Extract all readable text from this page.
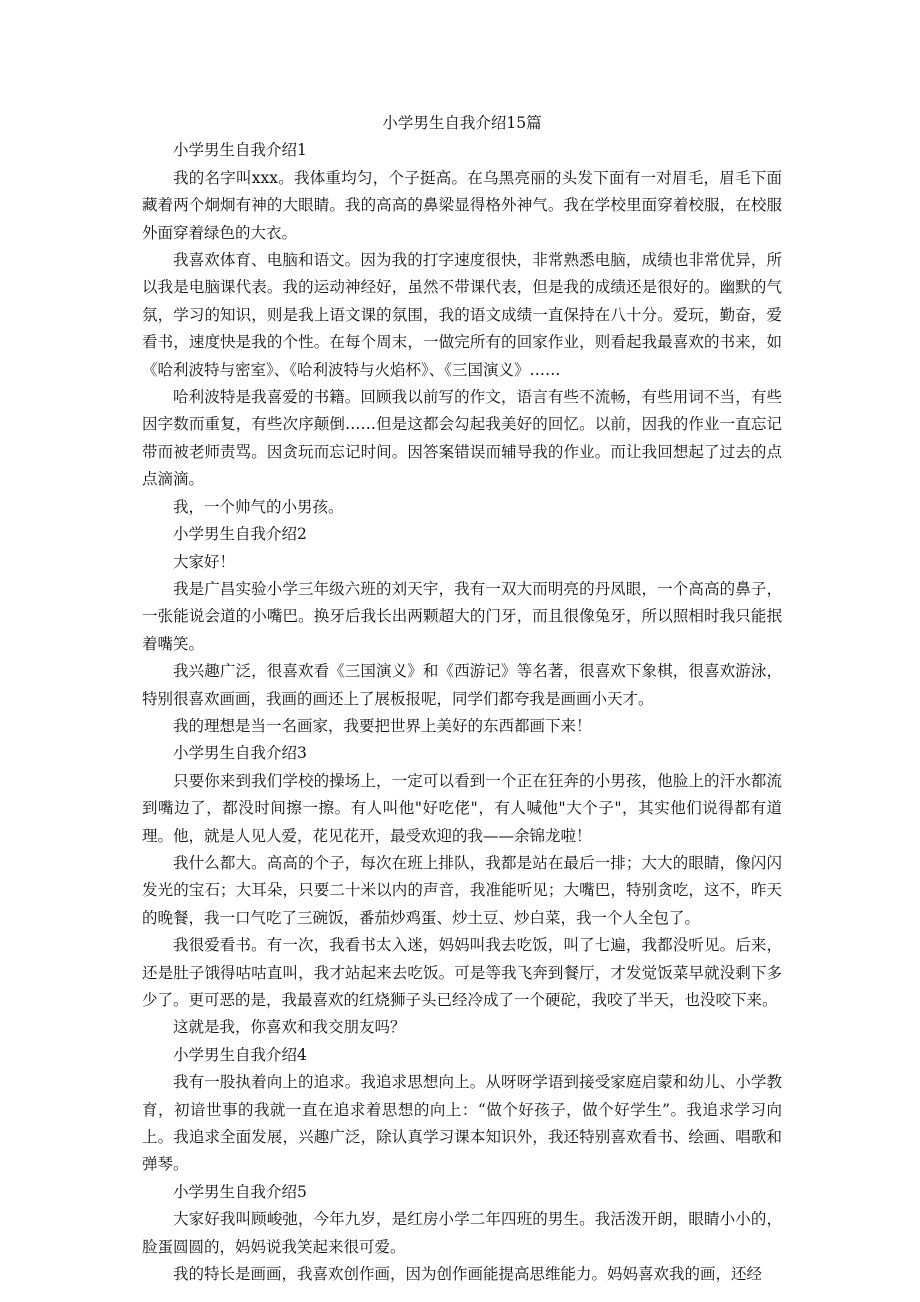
小学男生自我介绍15篇

小学男生自我介绍1

我的名字叫xxx。我体重均匀，个子挺高。在乌黑亮丽的头发下面有一对眉毛，眉毛下面藏着两个炯炯有神的大眼睛。我的高高的鼻梁显得格外神气。我在学校里面穿着校服，在校服外面穿着绿色的大衣。

我喜欢体育、电脑和语文。因为我的打字速度很快，非常熟悉电脑，成绩也非常优异，所以我是电脑课代表。我的运动神经好，虽然不带课代表，但是我的成绩还是很好的。幽默的气氛，学习的知识，则是我上语文课的氛围，我的语文成绩一直保持在八十分。爱玩，勤奋，爱看书，速度快是我的个性。在每个周末，一做完所有的回家作业，则看起我最喜欢的书来，如《哈利波特与密室》、《哈利波特与火焰杯》、《三国演义》……

哈利波特是我喜爱的书籍。回顾我以前写的作文，语言有些不流畅，有些用词不当，有些因字数而重复，有些次序颠倒……但是这都会勾起我美好的回忆。以前，因我的作业一直忘记带而被老师责骂。因贪玩而忘记时间。因答案错误而辅导我的作业。而让我回想起了过去的点点滴滴。

我，一个帅气的小男孩。

小学男生自我介绍2

大家好！

我是广昌实验小学三年级六班的刘天宇，我有一双大而明亮的丹凤眼，一个高高的鼻子，一张能说会道的小嘴巴。换牙后我长出两颗超大的门牙，而且很像兔牙，所以照相时我只能抿着嘴笑。

我兴趣广泛，很喜欢看《三国演义》和《西游记》等名著，很喜欢下象棋，很喜欢游泳，特别很喜欢画画，我画的画还上了展板报呢，同学们都夸我是画画小天才。

我的理想是当一名画家，我要把世界上美好的东西都画下来！

小学男生自我介绍3

只要你来到我们学校的操场上，一定可以看到一个正在狂奔的小男孩，他脸上的汗水都流到嘴边了，都没时间擦一擦。有人叫他"好吃佬"，有人喊他"大个子"，其实他们说得都有道理。他，就是人见人爱，花见花开，最受欢迎的我——余锦龙啦！

我什么都大。高高的个子，每次在班上排队，我都是站在最后一排；大大的眼睛，像闪闪发光的宝石；大耳朵，只要二十米以内的声音，我准能听见；大嘴巴，特别贪吃，这不，昨天的晚餐，我一口气吃了三碗饭，番茄炒鸡蛋、炒土豆、炒白菜，我一个人全包了。

我很爱看书。有一次，我看书太入迷，妈妈叫我去吃饭，叫了七遍，我都没听见。后来，还是肚子饿得咕咕直叫，我才站起来去吃饭。可是等我飞奔到餐厅，才发觉饭菜早就没剩下多少了。更可恶的是，我最喜欢的红烧狮子头已经冷成了一个硬砣，我咬了半天，也没咬下来。

这就是我，你喜欢和我交朋友吗？

小学男生自我介绍4

我有一股执着向上的追求。我追求思想向上。从呀呀学语到接受家庭启蒙和幼儿、小学教育，初谙世事的我就一直在追求着思想的向上：“做个好孩子，做个好学生”。我追求学习向上。我追求全面发展，兴趣广泛，除认真学习课本知识外，我还特别喜欢看书、绘画、唱歌和弹琴。

小学男生自我介绍5

大家好我叫顾峻弛，今年九岁，是红房小学二年四班的男生。我活泼开朗，眼睛小小的，脸蛋圆圆的，妈妈说我笑起来很可爱。

我的特长是画画，我喜欢创作画，因为创作画能提高思维能力。妈妈喜欢我的画，还经
